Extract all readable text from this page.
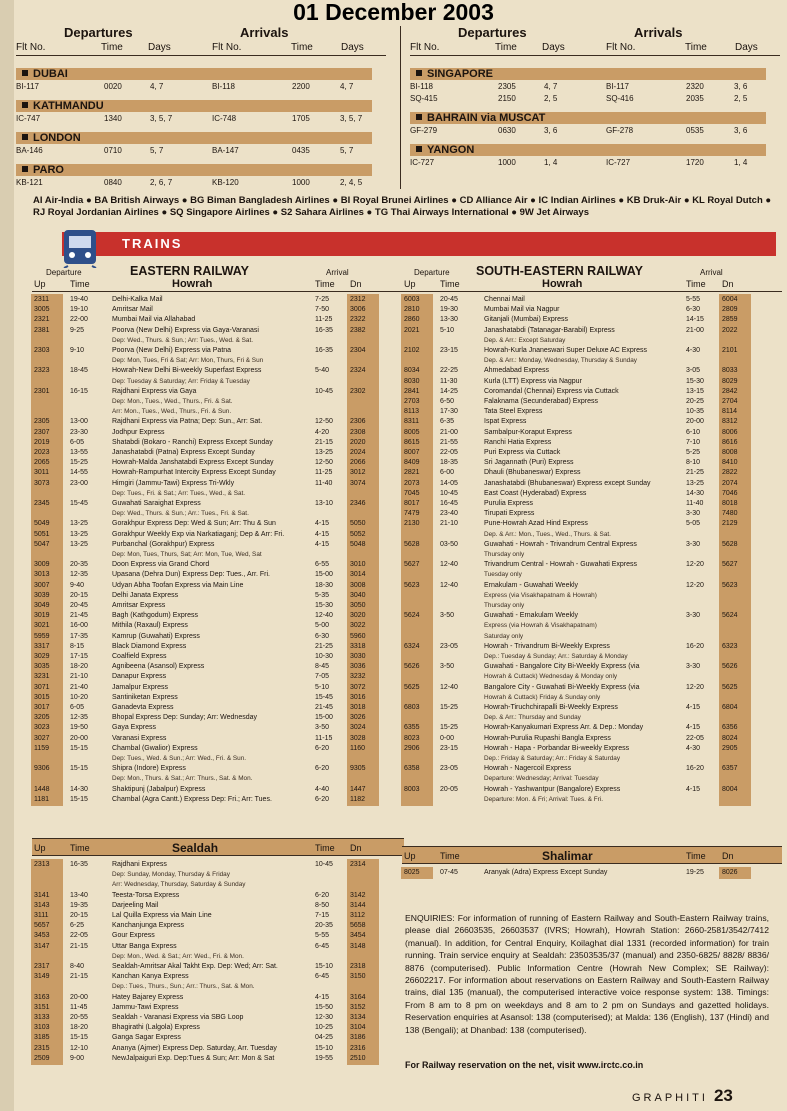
01 December 2003
Departures	Arrivals
Flt No.	Time	Days	Flt No.	Time	Days
DUBAI
BI-117	0020	4, 7	BI-118	2200	4, 7
KATHMANDU
IC-747	1340	3, 5, 7	IC-748	1705	3, 5, 7
LONDON
BA-146	0710	5, 7	BA-147	0435	5, 7
PARO
KB-121	0840	2, 6, 7	KB-120	1000	2, 4, 5
Departures	Arrivals
Flt No.	Time	Days	Flt No.	Time	Days
SINGAPORE
BI-118	2305	4, 7	BI-117	2320	3, 6
SQ-415	2150	2, 5	SQ-416	2035	2, 5
BAHRAIN via MUSCAT
GF-279	0630	3, 6	GF-278	0535	3, 6
YANGON
IC-727	1000	1, 4	IC-727	1720	1, 4
AI Air-India ● BA British Airways ● BG Biman Bangladesh Airlines ● BI Royal Brunei Airlines ● CD Alliance Air ● IC Indian Airlines ● KB Druk-Air ● KL Royal Dutch ● RJ Royal Jordanian Airlines ● SQ Singapore Airlines ● S2 Sahara Airlines ● TG Thai Airways International ● 9W Jet Airways
TRAINS
Departure	EASTERN RAILWAY	Arrival
Up	Time	Howrah	Time Dn
2311	19-40	Delhi-Kalka Mail	7-25	2312
3005	19-10	Amritsar Mail	7-50	3006
2321	22-00	Mumbai Mail via Allahabad	11-25	2322
2381	9-25	Poorva (New Delhi) Express via Gaya-Varanasi	16-35 2382
Dep: Wed., Thurs. & Sun.; Arr: Tues., Wed. & Sat.
2303	9-10	Poorva (New Delhi) Express via Patna	16-35 2304
Dep: Mon, Tues, Fri & Sat; Arr: Mon, Thurs, Fri & Sun
2323	18-45	Howrah-New Delhi Bi-weekly Superfast Express	5-40	2324
Dep: Tuesday & Saturday; Arr: Friday & Tuesday
2301	16-15	Rajdhani Express via Gaya	10-45 2302
Dep: Mon., Tues., Wed., Thurs., Fri. & Sat.
Arr: Mon., Tues., Wed., Thurs., Fri. & Sun.
2305	13-00	Rajdhani Express via Patna; Dep: Sun., Arr: Sat.	12-50 2306
2307	23-30	Jodhpur Express	4-20	2308
2019	6-05	Shatabdi (Bokaro - Ranchi) Express Except Sunday	21-15 2020
2023	13-55	Janashatabdi (Patna) Express Except Sunday	13-25 2024
2065	15-25	Howrah-Malda Janshatabdi Express Except Sunday	12-50 2066
3011	14-55	Howrah-Rampurhat Intercity Express Except Sunday	11-25	3012
3073	23-00	Himgiri (Jammu-Tawi) Express Tri-Wkly	11-40	3074
Dep: Tues., Fri. & Sat.; Arr: Tues., Wed., & Sat.
2345	15-45	Guwahati Saraighat Express	13-10 2346
Dep: Wed., Thurs. & Sun.; Arr.: Tues., Fri. & Sat.
5049	13-25	Gorakhpur Express Dep: Wed & Sun; Arr: Thu & Sun	4-15	5050
5051	13-25	Gorakhpur Weekly Exp via Narkatiaganj; Dep & Arr: Fri.	4-15	5052
5047	13-25	Purbanchal (Gorakhpur) Express	4-15	5048
Dep: Mon, Tues, Thurs, Sat; Arr: Mon, Tue, Wed, Sat
3009	20-35	Doon Express via Grand Chord	6-55	3010
3013	12-35	Upasana (Dehra Dun) Express Dep: Tues., Arr. Fri.	15-00 3014
3007	9-40	Udyan Abha Toofan Express via Main Line	18-30 3008
3039	20-15	Delhi Janata Express	5-35	3040
3049	20-45	Amritsar Express	15-30 3050
3019	21-45	Bagh (Kathgodum) Express	12-40 3020
3021	16-00	Mithila (Raxaul) Express	5-00	3022
5959	17-35	Kamrup (Guwahati) Express	6-30	5960
3317	8-15	Black Diamond Express	21-25 3318
3029	17-15	Coalfield Express	10-30 3030
3035	18-20	Agnibeena (Asansol) Express	8-45	3036
3231	21-10	Danapur Express	7-05	3232
3071	21-40	Jamalpur Express	5-10	3072
3015	10-20	Santiniketan Express	15-45 3016
3017	6-05	Ganadevta Express	21-45 3018
3205	12-35	Bhopal Express Dep: Sunday; Arr: Wednesday	15-00 3026
3023	19-50	Gaya Express	3-50	3024
3027	20-00	Varanasi Express	11-15	3028
1159	15-15	Chambal (Gwalior) Express	6-20	1160
Dep: Tues., Wed. & Sun.; Arr: Wed., Fri. & Sun.
9306	15-15	Shipra (Indore) Express	6-20	9305
Dep: Mon., Thurs. & Sat.; Arr: Thurs., Sat. & Mon.
1448	14-30	Shaktipunj (Jabalpur) Express	4-40	1447
1181	15-15	Chambal (Agra Cantt.) Express Dep: Fri.; Arr: Tues.	6-20	1182
Up	Time	Sealdah	Time Dn
2313	16-35	Rajdhani Express	10-45 2314
Dep: Sunday, Monday, Thursday & Friday
Arr: Wednesday, Thursday, Saturday & Sunday
3141	13-40	Teesta-Torsa Express	6-20	3142
3143	19-35	Darjeeling Mail	8-50	3144
3111	20-15	Lal Quilla Express via Main Line	7-15	3112
5657	6-25	Kanchanjunga Express	20-35 5658
3453	22-05	Gour Express	5-55	3454
3147	21-15	Uttar Banga Express	6-45	3148
Dep: Mon., Wed. & Sat.; Arr: Wed., Fri. & Mon.
2317	8-40	Sealdah-Amritsar Akal Takht Exp. Dep: Wed; Arr: Sat.	15-10 2318
3149	21-15	Kanchan Kanya Express	6-45	3150
Dep.: Tues., Thurs., Sun.; Arr.: Thurs., Sat. & Mon.
3163	20-00	Hatey Bajarey Express	4-15	3164
3151	11-45	Jammu-Tawi Express	15-50 3152
3133	20-55	Sealdah - Varanasi Express via SBG Loop	12-30 3134
3103	18-20	Bhagirathi (Lalgola) Express	10-25 3104
3185	15-15	Ganga Sagar Express	04-25 3186
2315	12-10	Ananya (Ajmer) Express Dep. Saturday, Arr. Tuesday	15-10 2316
2509	9-00	NewJalpaiguri Exp. Dep:Tues & Sun; Arr: Mon & Sat	19-55 2510
Departure SOUTH-EASTERN RAILWAY	Arrival
Up	Time	Howrah	Time Dn
6003	20-45	Chennai Mail	5-55	6004
2810	19-30	Mumbai Mail via Nagpur	6-30	2809
2860	13-30	Gitanjali (Mumbai) Express	14-15	2859
2021	5-10	Janashatabdi (Tatanagar-Barabil) Express	21-00	2022
Dep. & Arr.: Except Saturday
2102	23-15	Howrah-Kurla Jnaneswari Super Deluxe AC Express	4-30	2101
Dep. & Arr.: Monday, Wednesday, Thursday & Sunday
8034	22-25	Ahmedabad Express	3-05	8033
8030	11-30	Kurla (LTT) Express via Nagpur	15-30	8029
2841	14-25	Coromandal (Chennai) Express via Cuttack	13-15	2842
2703	6-50	Falaknama (Secunderabad) Express	20-25	2704
8113	17-30	Tata Steel Express	10-35	8114
8311	6-35	Ispat Express	20-00	8312
8005	21-00	Sambalpur-Koraput Express	6-10	8006
8615	21-55	Ranchi Hatia Express	7-10	8616
8007	22-05	Puri Express via Cuttack	5-25	8008
8409	18-35	Sri Jagannath (Puri) Express	8-10	8410
2821	6-00	Dhauli (Bhubaneswar) Express	21-25	2822
2073	14-05	Janashatabdi (Bhubaneswar) Express except Sunday	13-25	2074
7045	10-45	East Coast (Hyderabad) Express	14-30	7046
8017	16-45	Purulia Express	11-40	8018
7479	23-40	Tirupati Express	3-30	7480
2130	21-10	Pune-Howrah Azad Hind Express	5-05	2129
Dep. & Arr.: Mon., Tues., Wed., Thurs. & Sat.
5628	03-50	Guwahati - Howrah - Trivandrum Central Express	3-30	5628
Thursday only
5627	12-40	Trivandrum Central - Howrah - Guwahati Express	12-20	5627
Tuesday only
5623	12-40	Ernakulam - Guwahati Weekly	12-20	5623
Express (via Visakhapatnam & Howrah)
Thursday only
5624	3-50	Guwahati - Ernakulam Weekly	3-30	5624
Express (via Howrah & Visakhapatnam)
Saturday only
6324	23-05	Howrah - Trivandrum Bi-Weekly Express	16-20	6323
Dep.: Tuesday & Sunday; Arr.: Saturday & Monday
5626	3-50	Guwahati - Bangalore City Bi-Weekly Express (via	3-30	5626
Howrah & Cuttack) Wednesday & Monday only
5625	12-40	Bangalore City - Guwahati Bi-Weekly Express (via	12-20	5625
Howrah & Cuttack) Friday & Sunday only
6803	15-25	Howrah-Tiruchchirapalli Bi-Weekly Express	4-15	6804
Dep. & Arr.: Thursday and Sunday
6355	15-25	Howrah-Kanyakumari Express Arr. & Dep.: Monday	4-15	6356
8023	0-00	Howrah-Purulia Rupashi Bangla Express	22-05	8024
2906	23-15	Howrah - Hapa - Porbandar Bi-weekly Express	4-30	2905
Dep.: Friday & Saturday; Arr.: Friday & Saturday
6358	23-05	Howrah - Nagercoil Express	16-20	6357
Departure: Wednesday; Arrival: Tuesday
8003	20-05	Howrah - Yashwantpur (Bangalore) Express	4-15	8004
Departure: Mon. & Fri; Arrival: Tues. & Fri.
Up	Time	Shalimar	Time Dn
8025	07-45	Aranyak (Adra) Express Except Sunday	19-25	8026
ENQUIRIES: For information of running of Eastern Railway and South-Eastern Railway trains, please dial 26603535, 26603537 (IVRS; Howrah), Howrah Station: 2660-2581/3542/7412 (manual). In addition, for Central Enquiry, Koilaghat dial 1331 (recorded information) for train running. Train service enquiry at Sealdah: 23503535/37 (manual) and 2350-6825/ 8828/ 8836/ 8876 (computerised). Public Information Centre (Howrah New Complex; SE Railway): 26602217. For information about reservations on Eastern Railway and South-Eastern Railway trains, dial 135 (manual), the computerised interactive voice response system: 138. Timings: From 8 am to 8 pm on weekdays and 8 am to 2 pm on Sundays and gazetted holidays. Reservation enquiries at Asansol: 138 (computerised); at Malda: 136 (English), 137 (Hindi) and 138 (Bengali); at Dhanbad: 138 (computerised).
For Railway reservation on the net, visit www.irctc.co.in
GRAPHITI 23
